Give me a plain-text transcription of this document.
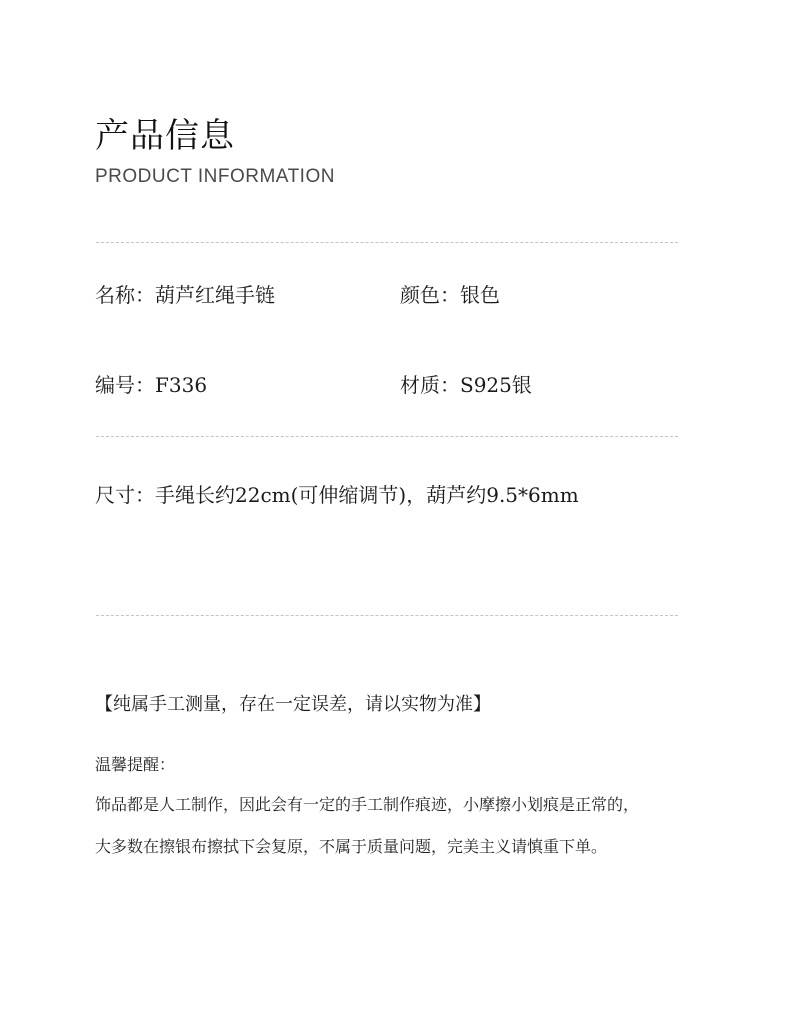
产品信息
PRODUCT INFORMATION
名称：葫芦红绳手链	颜色：银色
编号：F336	材质：S925银
尺寸：手绳长约22cm(可伸缩调节)，葫芦约9.5*6mm
【纯属手工测量，存在一定误差，请以实物为准】
温馨提醒：
饰品都是人工制作，因此会有一定的手工制作痕迹，小摩擦小划痕是正常的，
大多数在擦银布擦拭下会复原，不属于质量问题，完美主义请慎重下单。
